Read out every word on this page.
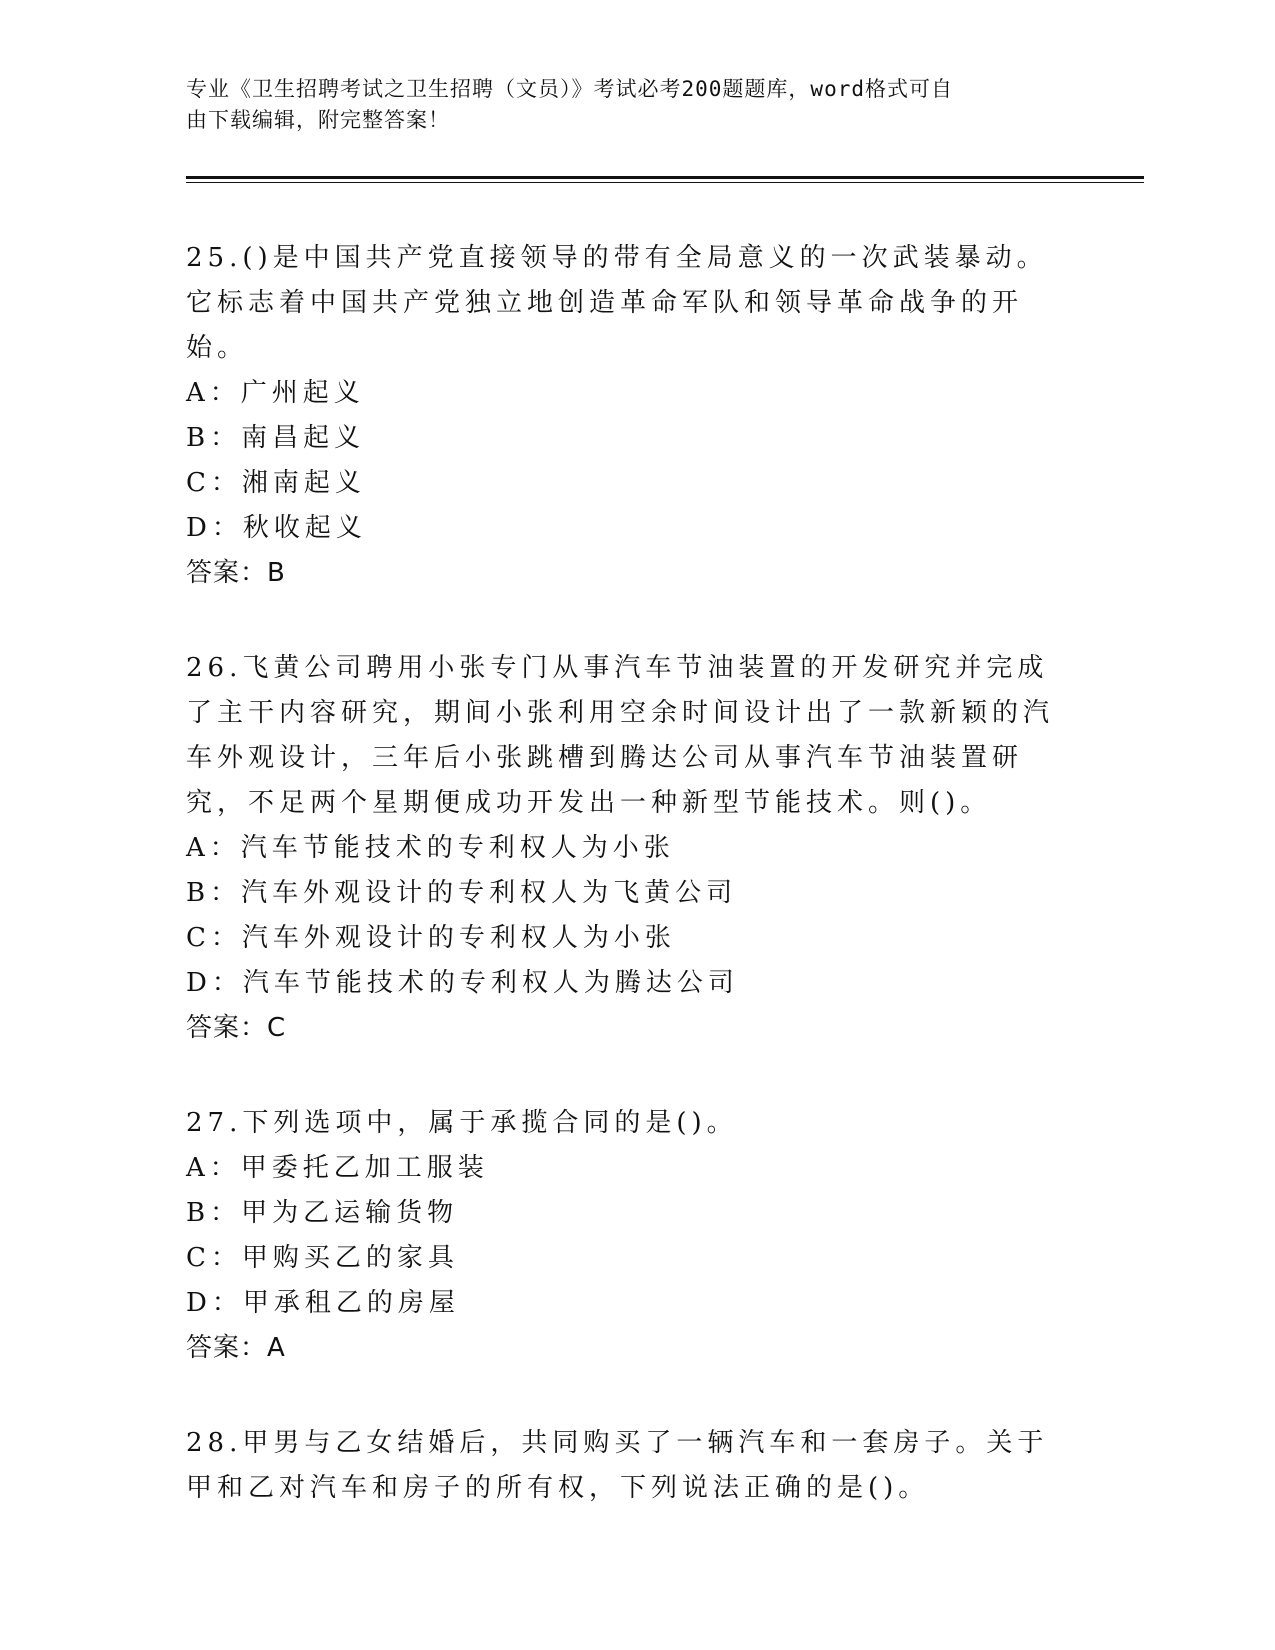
专业《卫生招聘考试之卫生招聘（文员）》考试必考200题题库，word格式可自
由下载编辑，附完整答案！
25.()是中国共产党直接领导的带有全局意义的一次武装暴动。它标志着中国共产党独立地创造革命军队和领导革命战争的开始。
A：广州起义
B：南昌起义
C：湘南起义
D：秋收起义
答案：B
26.飞黄公司聘用小张专门从事汽车节油装置的开发研究并完成了主干内容研究，期间小张利用空余时间设计出了一款新颖的汽车外观设计，三年后小张跳槽到腾达公司从事汽车节油装置研究，不足两个星期便成功开发出一种新型节能技术。则()。
A：汽车节能技术的专利权人为小张
B：汽车外观设计的专利权人为飞黄公司
C：汽车外观设计的专利权人为小张
D：汽车节能技术的专利权人为腾达公司
答案：C
27.下列选项中，属于承揽合同的是()。
A：甲委托乙加工服装
B：甲为乙运输货物
C：甲购买乙的家具
D：甲承租乙的房屋
答案：A
28.甲男与乙女结婚后，共同购买了一辆汽车和一套房子。关于甲和乙对汽车和房子的所有权，下列说法正确的是()。
